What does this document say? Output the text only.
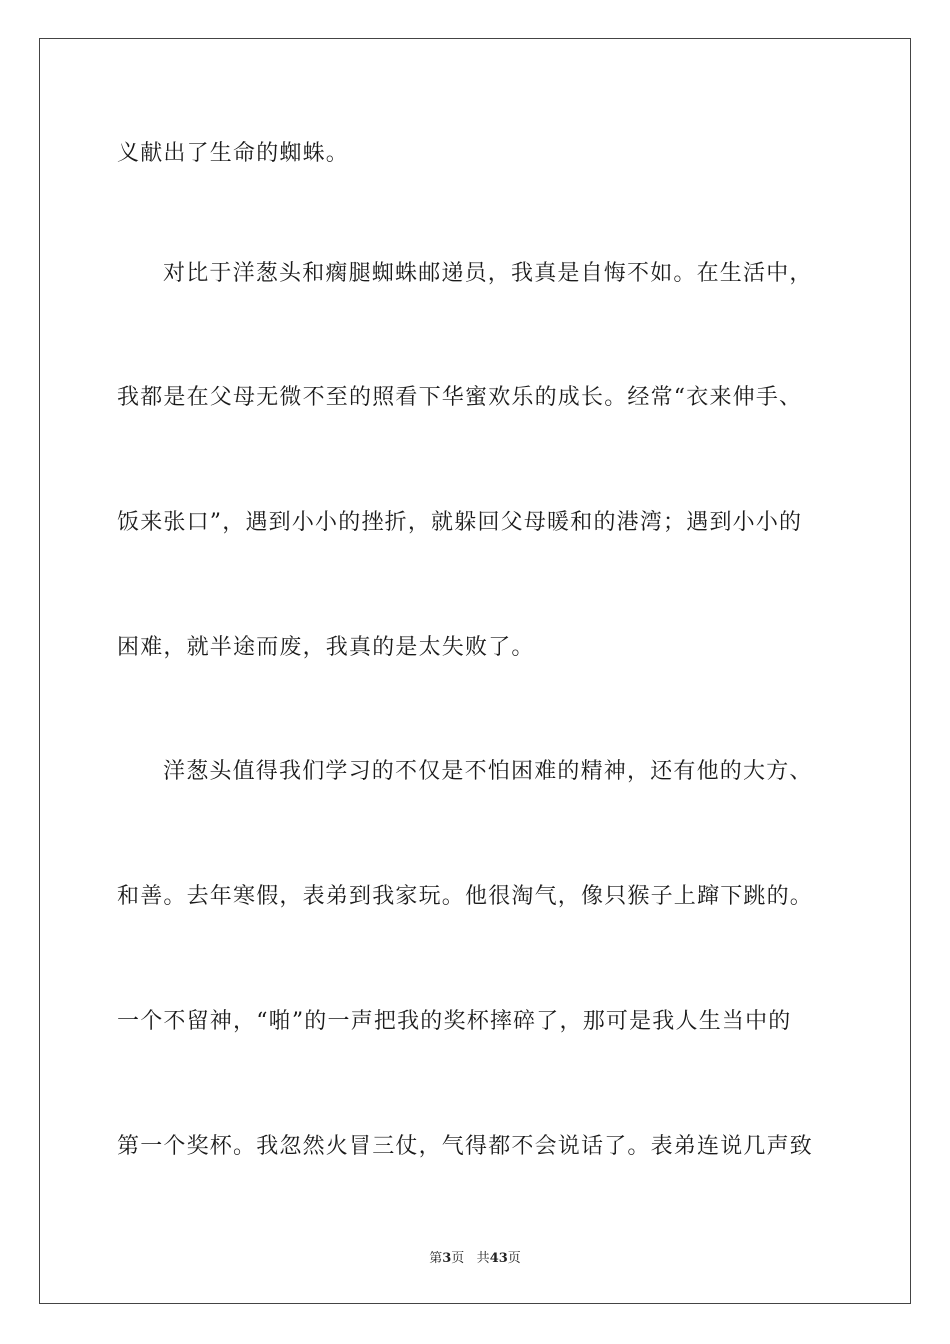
义献出了生命的蜘蛛。

对比于洋葱头和瘸腿蜘蛛邮递员，我真是自悔不如。在生活中，

我都是在父母无微不至的照看下华蜜欢乐的成长。经常“衣来伸手、

饭来张口”，遇到小小的挫折，就躲回父母暖和的港湾；遇到小小的

困难，就半途而废，我真的是太失败了。

洋葱头值得我们学习的不仅是不怕困难的精神，还有他的大方、

和善。去年寒假，表弟到我家玩。他很淘气，像只猴子上蹿下跳的。

一个不留神，“啪”的一声把我的奖杯摔碎了，那可是我人生当中的

第一个奖杯。我忽然火冒三仗，气得都不会说话了。表弟连说几声致

第3页 共43页
